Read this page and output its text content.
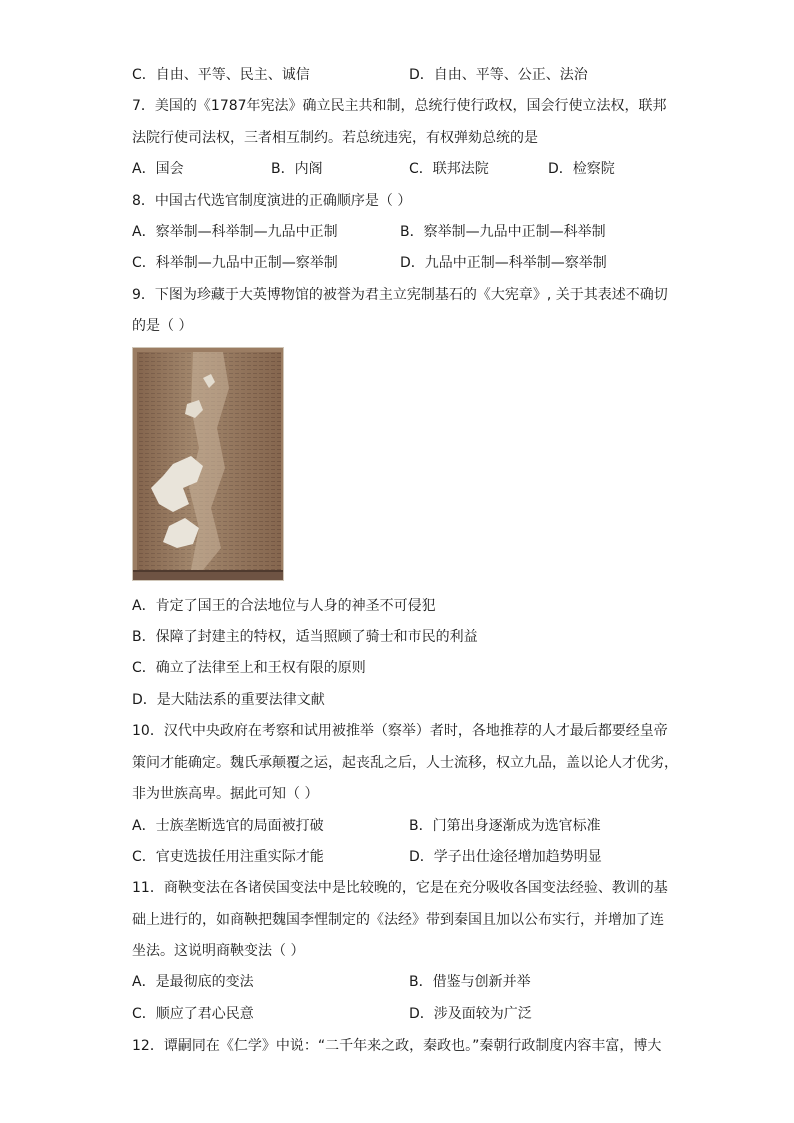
C．自由、平等、民主、诚信	D．自由、平等、公正、法治
7．美国的《1787年宪法》确立民主共和制，总统行使行政权，国会行使立法权，联邦
法院行使司法权，三者相互制约。若总统违宪，有权弹劾总统的是
A．国会	B．内阁	C．联邦法院	D．检察院
8．中国古代选官制度演进的正确顺序是（ ）
A．察举制—科举制—九品中正制	B．察举制—九品中正制—科举制
C．科举制—九品中正制—察举制	D．九品中正制—科举制—察举制
9．下图为珍藏于大英博物馆的被誉为君主立宪制基石的《大宪章》, 关于其表述不确切
的是（ ）
A．肯定了国王的合法地位与人身的神圣不可侵犯
B．保障了封建主的特权，适当照顾了骑士和市民的利益
C．确立了法律至上和王权有限的原则
D．是大陆法系的重要法律文献
10．汉代中央政府在考察和试用被推举（察举）者时，各地推荐的人才最后都要经皇帝
策问才能确定。魏氏承颠覆之运，起丧乱之后，人士流移，权立九品，盖以论人才优劣，
非为世族高卑。据此可知（ ）
A．士族垄断选官的局面被打破	B．门第出身逐渐成为选官标准
C．官吏选拔任用注重实际才能	D．学子出仕途径增加趋势明显
11．商鞅变法在各诸侯国变法中是比较晚的，它是在充分吸收各国变法经验、教训的基
础上进行的，如商鞅把魏国李悝制定的《法经》带到秦国且加以公布实行，并增加了连
坐法。这说明商鞅变法（ ）
A．是最彻底的变法	B．借鉴与创新并举
C．顺应了君心民意	D．涉及面较为广泛
12．谭嗣同在《仁学》中说：“二千年来之政，秦政也。”秦朝行政制度内容丰富，博大
